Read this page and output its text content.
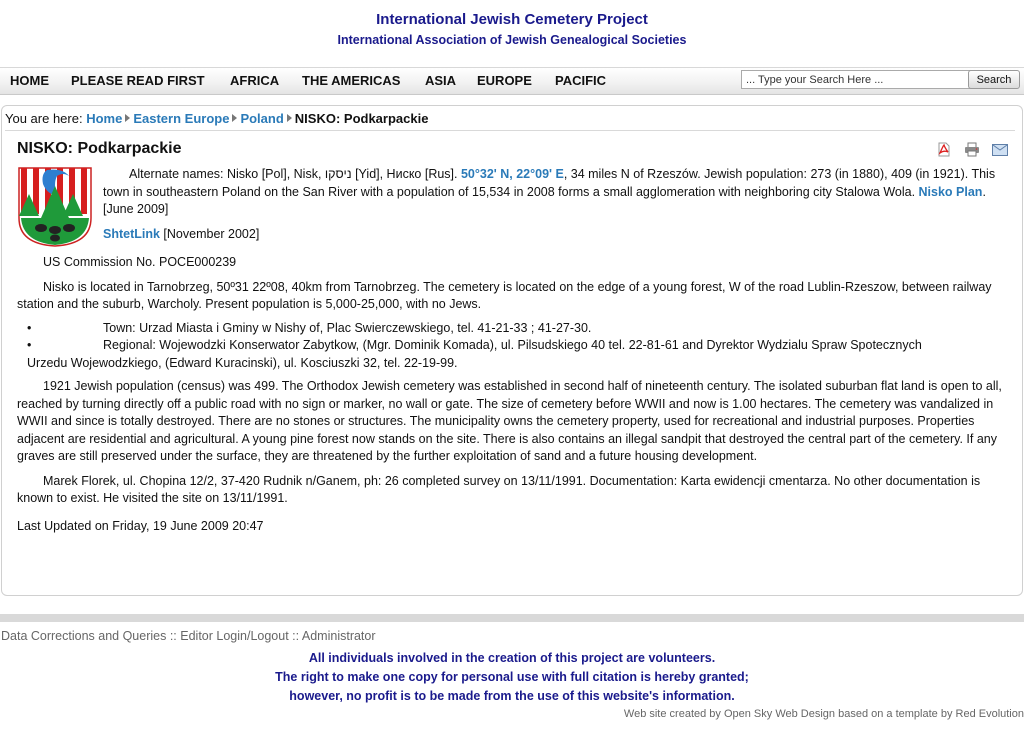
International Jewish Cemetery Project
International Association of Jewish Genealogical Societies
HOME PLEASE READ FIRST AFRICA THE AMERICAS ASIA EUROPE PACIFIC
... Type your Search Here ...	Search
You are here: Home Eastern Europe Poland NISKO: Podkarpackie
NISKO: Podkarpackie

Alternate names: Nisko [Pol], Nisk, ניסקו [Yid], Ниско [Rus]. 50°32' N, 22°09' E, 34 miles N of Rzeszów. Jewish population: 273 (in 1880), 409 (in 1921). This town in southeastern Poland on the San River with a population of 15,534 in 2008 forms a small agglomeration with neighboring city Stalowa Wola. Nisko Plan. [June 2009]

ShtetLink [November 2002]

US Commission No. POCE000239

Nisko is located in Tarnobrzeg, 50º31 22º08, 40km from Tarnobrzeg. The cemetery is located on the edge of a young forest, W of the road Lublin-Rzeszow, between railway station and the suburb, Warcholy. Present population is 5,000-25,000, with no Jews.

• Town: Urzad Miasta i Gminy w Nishy of, Plac Swierczewskiego, tel. 41-21-33 ; 41-27-30.
• Regional: Wojewodzki Konserwator Zabytkow, (Mgr. Dominik Komada), ul. Pilsudskiego 40 tel. 22-81-61 and Dyrektor Wydzialu Spraw Spotecznych
Urzedu Wojewodzkiego, (Edward Kuracinski), ul. Kosciuszki 32, tel. 22-19-99.

1921 Jewish population (census) was 499. The Orthodox Jewish cemetery was established in second half of nineteenth century. The isolated suburban flat land is open to all, reached by turning directly off a public road with no sign or marker, no wall or gate. The size of cemetery before WWII and now is 1.00 hectares. The cemetery was vandalized in WWII and since is totally destroyed. There are no stones or structures. The municipality owns the cemetery property, used for recreational and industrial purposes. Properties adjacent are residential and agricultural. A young pine forest now stands on the site. There is also contains an illegal sandpit that destroyed the central part of the cemetery. If any graves are still preserved under the surface, they are threatened by the further exploitation of sand and a future housing development.

Marek Florek, ul. Chopina 12/2, 37-420 Rudnik n/Ganem, ph: 26 completed survey on 13/11/1991. Documentation: Karta ewidencji cmentarza. No other documentation is known to exist. He visited the site on 13/11/1991.

Last Updated on Friday, 19 June 2009 20:47

Data Corrections and Queries :: Editor Login/Logout :: Administrator
All individuals involved in the creation of this project are volunteers.
The right to make one copy for personal use with full citation is hereby granted;
however, no profit is to be made from the use of this website's information.
Web site created by Open Sky Web Design based on a template by Red Evolution
